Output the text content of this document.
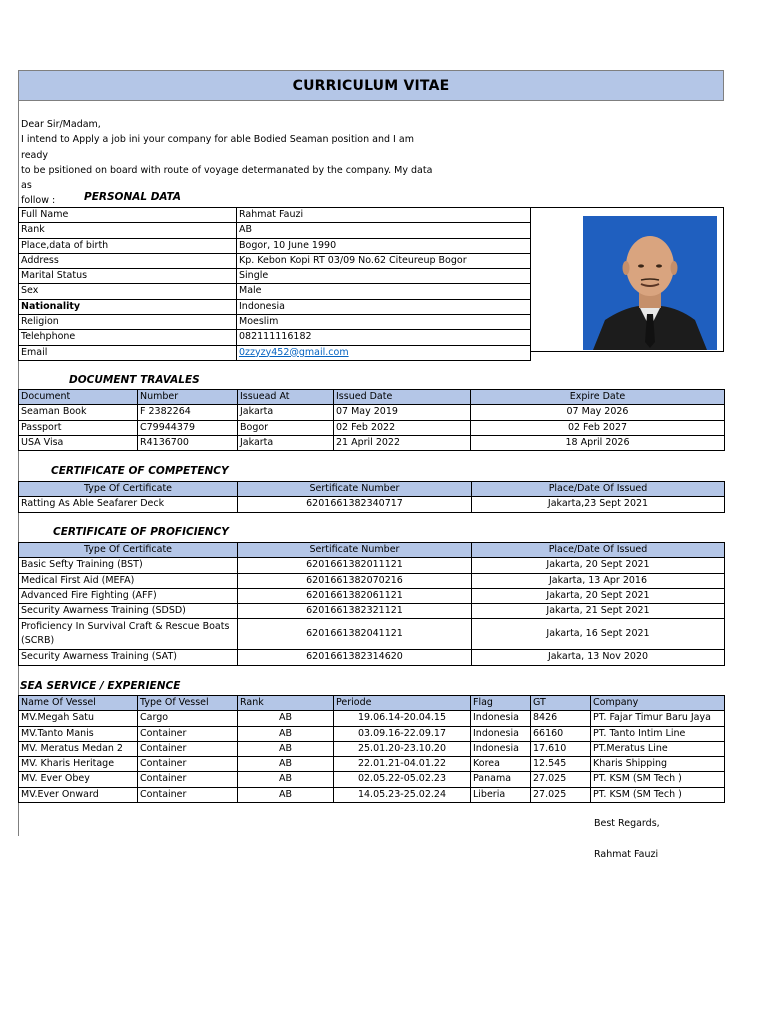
CURRICULUM VITAE
Dear Sir/Madam,
I intend to Apply a job ini your company for able Bodied Seaman position and I am ready
to be psitioned on board with route of voyage determanated by the company. My data as
follow :	PERSONAL DATA
Full Name	Rahmat Fauzi
Rank	AB
Place,data of birth	Bogor, 10 June 1990
Address	Kp. Kebon Kopi RT 03/09 No.62 Citeureup Bogor
Marital Status	Single
Sex	Male
Nationality	Indonesia
Religion	Moeslim
Telehphone	082111116182
Email	0zzyzy452@gmail.com
DOCUMENT TRAVALES
Document	Number	Issuead At	Issued Date	Expire Date
Seaman Book	F 2382264	Jakarta	07 May 2019	07 May 2026
Passport	C79944379	Bogor	02 Feb 2022	02 Feb 2027
USA Visa	R4136700	Jakarta	21 April 2022	18 April 2026
CERTIFICATE OF COMPETENCY
Type Of Certificate	Sertificate Number	Place/Date Of Issued
Ratting As Able Seafarer Deck	6201661382340717	Jakarta,23 Sept 2021
CERTIFICATE OF PROFICIENCY
Type Of Certificate	Sertificate Number	Place/Date Of Issued
Basic Sefty Training (BST)	6201661382011121	Jakarta, 20 Sept 2021
Medical First Aid (MEFA)	6201661382070216	Jakarta, 13 Apr 2016
Advanced Fire Fighting (AFF)	6201661382061121	Jakarta, 20 Sept 2021
Security Awarness Training (SDSD)	6201661382321121	Jakarta, 21 Sept 2021

Proficiency In Survival Craft & Rescue Boats
(SCRB)	6201661382041121	Jakarta, 16 Sept 2021
Security Awarness Training (SAT)	6201661382314620	Jakarta, 13 Nov 2020
SEA SERVICE / EXPERIENCE
Name Of Vessel	Type Of Vessel	Rank	Periode	Flag	GT	Company
MV.Megah Satu	Cargo	AB	19.06.14-20.04.15	Indonesia	8426	PT. Fajar Timur Baru Jaya
MV.Tanto Manis	Container	AB	03.09.16-22.09.17	Indonesia	66160	PT. Tanto Intim Line
MV. Meratus Medan 2	Container	AB	25.01.20-23.10.20	Indonesia	17.610	PT.Meratus Line
MV. Kharis Heritage	Container	AB	22.01.21-04.01.22	Korea	12.545	Kharis Shipping
MV. Ever Obey	Container	AB	02.05.22-05.02.23	Panama	27.025	PT. KSM (SM Tech )
MV.Ever Onward	Container	AB	14.05.23-25.02.24	Liberia	27.025	PT. KSM (SM Tech )
Best Regards,
Rahmat Fauzi
